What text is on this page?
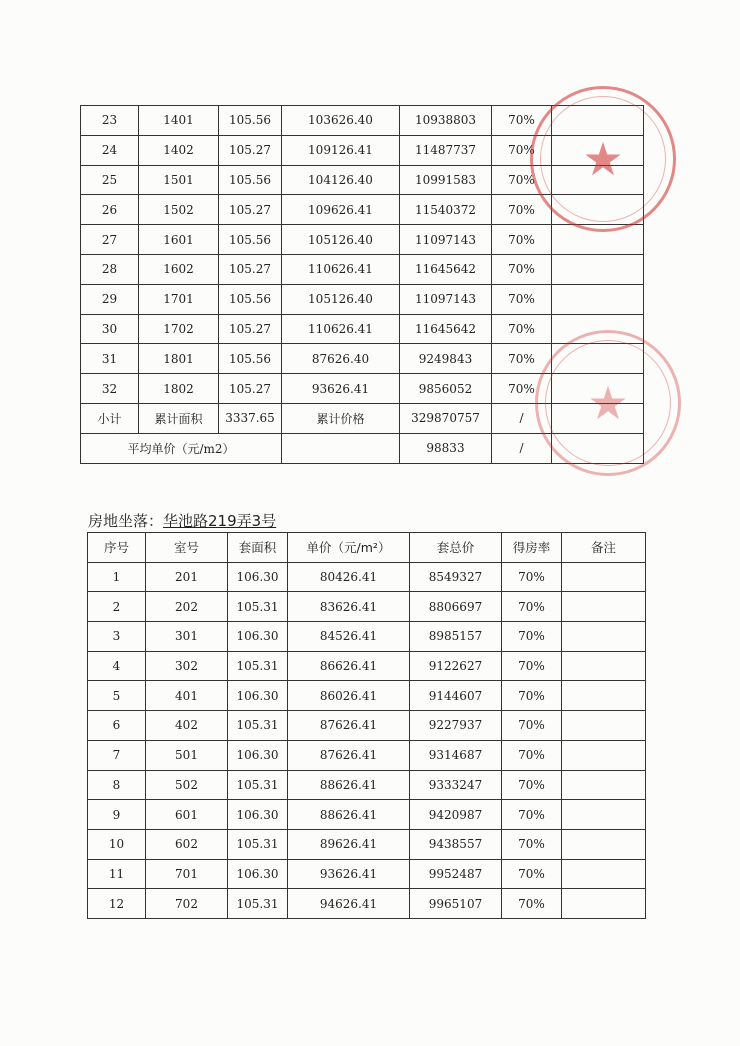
23	1401	105.56	103626.40	10938803	70%	
24	1402	105.27	109126.41	11487737	70%	
25	1501	105.56	104126.40	10991583	70%	
26	1502	105.27	109626.41	11540372	70%	
27	1601	105.56	105126.40	11097143	70%	
28	1602	105.27	110626.41	11645642	70%	
29	1701	105.56	105126.40	11097143	70%	
30	1702	105.27	110626.41	11645642	70%	
31	1801	105.56	87626.40	9249843	70%	
32	1802	105.27	93626.41	9856052	70%	
小计	累计面积	3337.65	累计价格	329870757	/	
平均单价（元/m2）				98833	/	
房地坐落：华池路219弄3号
序号	室号	套面积	单价（元/m²）	套总价	得房率	备注
1	201	106.30	80426.41	8549327	70%	
2	202	105.31	83626.41	8806697	70%	
3	301	106.30	84526.41	8985157	70%	
4	302	105.31	86626.41	9122627	70%	
5	401	106.30	86026.41	9144607	70%	
6	402	105.31	87626.41	9227937	70%	
7	501	106.30	87626.41	9314687	70%	
8	502	105.31	88626.41	9333247	70%	
9	601	106.30	88626.41	9420987	70%	
10	602	105.31	89626.41	9438557	70%	
11	701	106.30	93626.41	9952487	70%	
12	702	105.31	94626.41	9965107	70%	
★
★
